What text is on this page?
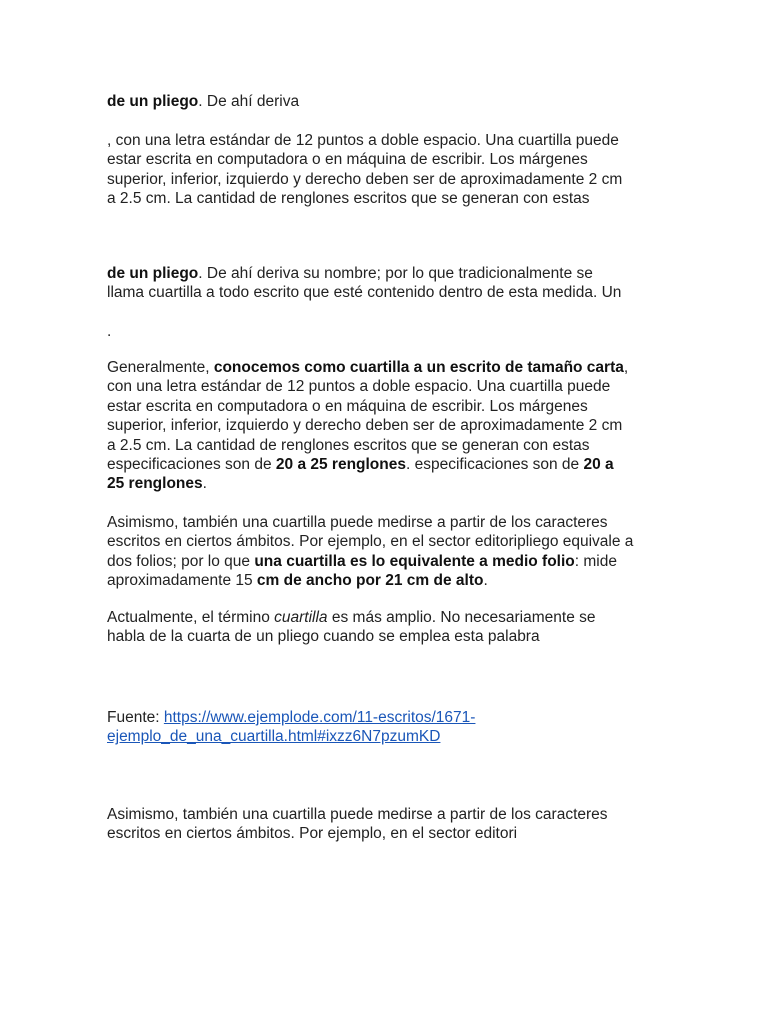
de un pliego. De ahí deriva

, con una letra estándar de 12 puntos a doble espacio. Una cuartilla puede
estar escrita en computadora o en máquina de escribir. Los márgenes
superior, inferior, izquierdo y derecho deben ser de aproximadamente 2 cm
a 2.5 cm. La cantidad de renglones escritos que se generan con estas

de un pliego. De ahí deriva su nombre; por lo que tradicionalmente se
llama cuartilla a todo escrito que esté contenido dentro de esta medida. Un

.

Generalmente, conocemos como cuartilla a un escrito de tamaño carta,
con una letra estándar de 12 puntos a doble espacio. Una cuartilla puede
estar escrita en computadora o en máquina de escribir. Los márgenes
superior, inferior, izquierdo y derecho deben ser de aproximadamente 2 cm
a 2.5 cm. La cantidad de renglones escritos que se generan con estas
especificaciones son de 20 a 25 renglones. especificaciones son de 20 a
25 renglones.

Asimismo, también una cuartilla puede medirse a partir de los caracteres
escritos en ciertos ámbitos. Por ejemplo, en el sector editoripliego equivale a
dos folios; por lo que una cuartilla es lo equivalente a medio folio: mide
aproximadamente 15 cm de ancho por 21 cm de alto.

Actualmente, el término cuartilla es más amplio. No necesariamente se
habla de la cuarta de un pliego cuando se emplea esta palabra

Fuente: https://www.ejemplode.com/11-escritos/1671-
ejemplo_de_una_cuartilla.html#ixzz6N7pzumKD

Asimismo, también una cuartilla puede medirse a partir de los caracteres
escritos en ciertos ámbitos. Por ejemplo, en el sector editori
